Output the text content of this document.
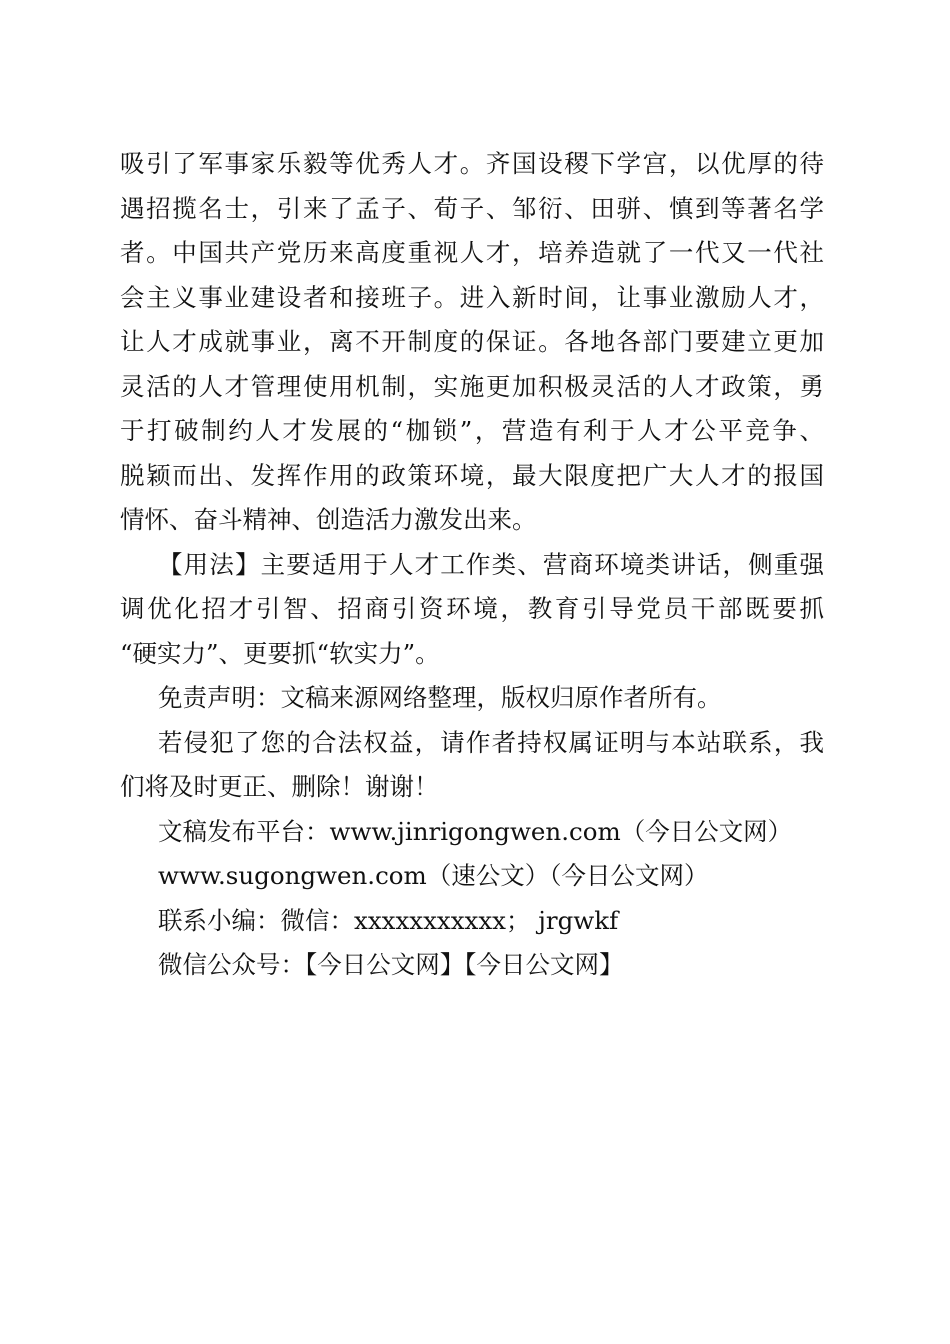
吸引了军事家乐毅等优秀人才。齐国设稷下学宫，以优厚的待
遇招揽名士，引来了孟子、荀子、邹衍、田骈、慎到等著名学
者。中国共产党历来高度重视人才，培养造就了一代又一代社
会主义事业建设者和接班子。进入新时间，让事业激励人才，
让人才成就事业，离不开制度的保证。各地各部门要建立更加
灵活的人才管理使用机制，实施更加积极灵活的人才政策，勇
于打破制约人才发展的“枷锁”，营造有利于人才公平竞争、
脱颖而出、发挥作用的政策环境，最大限度把广大人才的报国
情怀、奋斗精神、创造活力激发出来。
【用法】主要适用于人才工作类、营商环境类讲话，侧重强
调优化招才引智、招商引资环境，教育引导党员干部既要抓
“硬实力”、更要抓“软实力”。
免责声明：文稿来源网络整理，版权归原作者所有。
若侵犯了您的合法权益，请作者持权属证明与本站联系，我
们将及时更正、删除！谢谢！
文稿发布平台：www.jinrigongwen.com（今日公文网）
www.sugongwen.com（速公文）（今日公文网）
联系小编：微信：xxxxxxxxxxx； jrgwkf
微信公众号：【今日公文网】【今日公文网】
